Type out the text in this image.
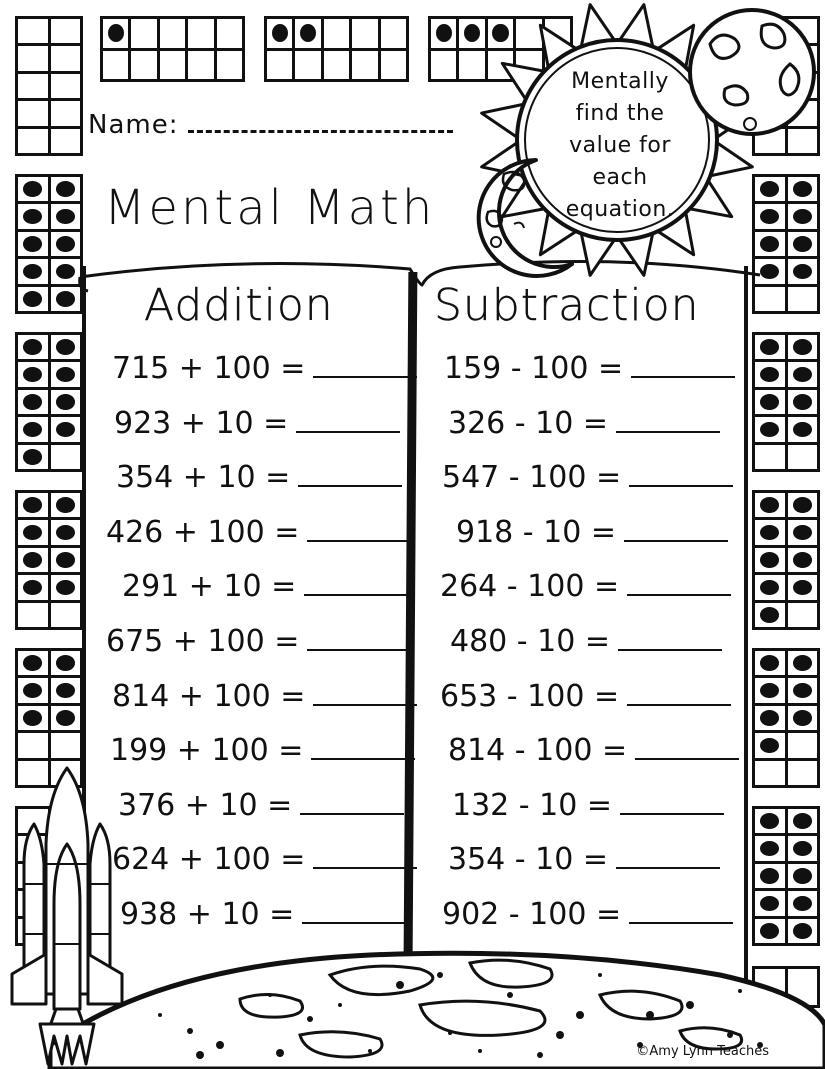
Name:
Mental Math
Mentally
find the
value for
each
equation.
Addition Subtraction
715 + 100 =
923 + 10 =
354 + 10 =
426 + 100 =
291 + 10 =
675 + 100 =
814 + 100 =
199 + 100 =
376 + 10 =
624 + 100 =
938 + 10 =
159 - 100 =
326 - 10 =
547 - 100 =
918 - 10 =
264 - 100 =
480 - 10 =
653 - 100 =
814 - 100 =
132 - 10 =
354 - 10 =
902 - 100 =
©Amy Lynn Teaches
